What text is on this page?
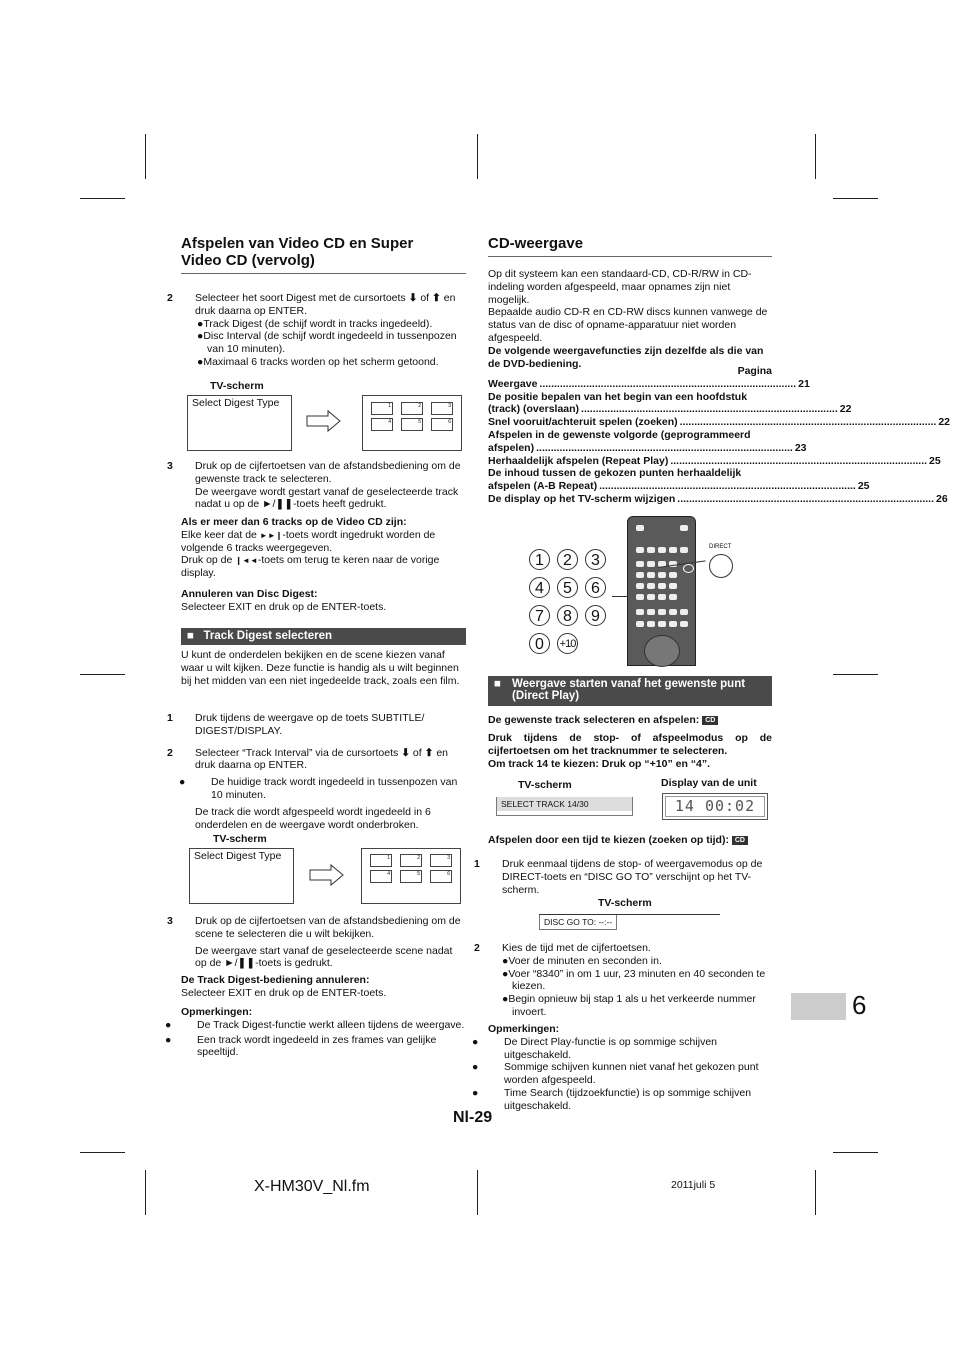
Afspelen van Video CD en Super
Video CD (vervolg)

2 Selecteer het soort Digest met de cursortoets ⬇ of ⬆ en druk daarna op ENTER.

●Track Digest (de schijf wordt in tracks ingedeeld).

●Disc Interval (de schijf wordt ingedeeld in tussenpozen van 10 minuten).

●Maximaal 6 tracks worden op het scherm getoond.

TV-scherm
Select Digest Type	1	2	3
4	5	6

3 Druk op de cijfertoetsen van de afstandsbediening om de gewenste track te selecteren.

De weergave wordt gestart vanaf de geselecteerde track nadat u op de ►/❚❚-toets heeft gedrukt.

Als er meer dan 6 tracks op de Video CD zijn:

Elke keer dat de ►►❙-toets wordt ingedrukt worden de volgende 6 tracks weergegeven.

Druk op de ❙◄◄-toets om terug te keren naar de vorige display.

Annuleren van Disc Digest:

Selecteer EXIT en druk op de ENTER-toets.

■ Track Digest selecteren
U kunt de onderdelen bekijken en de scene kiezen vanaf waar u wilt kijken. Deze functie is handig als u wilt beginnen bij het midden van een niet ingedeelde track, zoals een film.

1 Druk tijdens de weergave op de toets SUBTITLE/ DIGEST/DISPLAY.

2 Selecteer “Track Interval” via de cursortoets ⬇ of ⬆ en druk daarna op ENTER.

● De huidige track wordt ingedeeld in tussenpozen van 10 minuten.

De track die wordt afgespeeld wordt ingedeeld in 6 onderdelen en de weergave wordt onderbroken.

TV-scherm
Select Digest Type	1	2	3
4	5	6

3 Druk op de cijfertoetsen van de afstandsbediening om de scene te selecteren die u wilt bekijken.

De weergave start vanaf de geselecteerde scene nadat op de ►/❚❚-toets is gedrukt.

De Track Digest-bediening annuleren:

Selecteer EXIT en druk op de ENTER-toets.

Opmerkingen:

● De Track Digest-functie werkt alleen tijdens de weergave.

● Een track wordt ingedeeld in zes frames van gelijke speeltijd.

CD-weergave

Op dit systeem kan een standaard-CD, CD-R/RW in CD-indeling worden afgespeeld, maar opnames zijn niet mogelijk.

Bepaalde audio CD-R en CD-RW discs kunnen vanwege de status van de disc of opname-apparatuur niet worden afgespeeld.

De volgende weergavefuncties zijn dezelfde als die van de DVD-bediening.

Pagina

Weergave ........................................................................................ 21
De positie bepalen van het begin van een hoofdstuk
(track) (overslaan) ........................................................................................ 22
Snel vooruit/achteruit spelen (zoeken) ........................................................................................ 22
Afspelen in de gewenste volgorde (geprogrammeerd
afspelen) ........................................................................................ 23
Herhaaldelijk afspelen (Repeat Play) ........................................................................................ 25
De inhoud tussen de gekozen punten herhaaldelijk
afspelen (A-B Repeat) ........................................................................................ 25
De display op het TV-scherm wijzigen ........................................................................................ 26
1	2	3
4	5	6
7	8	9
0	+10
DIRECT
■ Weergave starten vanaf het gewenste punt (Direct Play)
De gewenste track selecteren en afspelen: CD

Druk tijdens de stop- of afspeelmodus op de cijfertoetsen om het tracknummer te selecteren.

Om track 14 te kiezen: Druk op “+10” en “4”.

TV-scherm	Display van de unit
SELECT TRACK 14/30	14 00:02
Afspelen door een tijd te kiezen (zoeken op tijd): CD

1 Druk eenmaal tijdens de stop- of weergavemodus op de DIRECT-toets en “DISC GO TO” verschijnt op het TV-scherm.

TV-scherm
DISC GO TO: --:--

2 Kies de tijd met de cijfertoetsen.

●Voer de minuten en seconden in.

●Voer “8340” in om 1 uur, 23 minuten en 40 seconden te kiezen.

●Begin opnieuw bij stap 1 als u het verkeerde nummer invoert.

Opmerkingen:

● De Direct Play-functie is op sommige schijven uitgeschakeld.

● Sommige schijven kunnen niet vanaf het gekozen punt worden afgespeeld.

● Time Search (tijdzoekfunctie) is op sommige schijven uitgeschakeld.

Nl-29
6
X-HM30V_Nl.fm	2011juli 5
